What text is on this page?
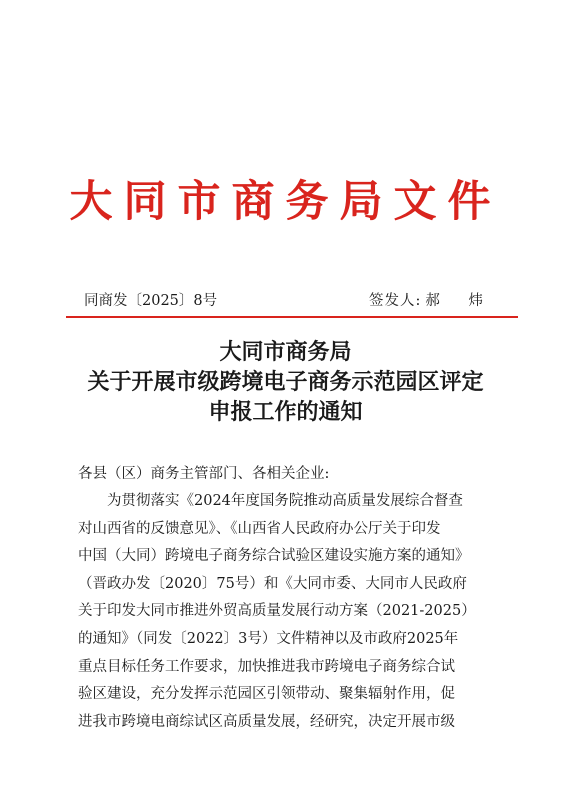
大同市商务局文件
同商发〔2025〕8号	签发人: 郝 炜
大同市商务局
关于开展市级跨境电子商务示范园区评定
申报工作的通知
各县（区）商务主管部门、各相关企业:
为贯彻落实《2024年度国务院推动高质量发展综合督查
对山西省的反馈意见》、《山西省人民政府办公厅关于印发
中国（大同）跨境电子商务综合试验区建设实施方案的通知》
（晋政办发〔2020〕75号）和《大同市委、大同市人民政府
关于印发大同市推进外贸高质量发展行动方案（2021-2025）
的通知》（同发〔2022〕3号）文件精神以及市政府2025年
重点目标任务工作要求，加快推进我市跨境电子商务综合试
验区建设，充分发挥示范园区引领带动、聚集辐射作用，促
进我市跨境电商综试区高质量发展，经研究，决定开展市级
